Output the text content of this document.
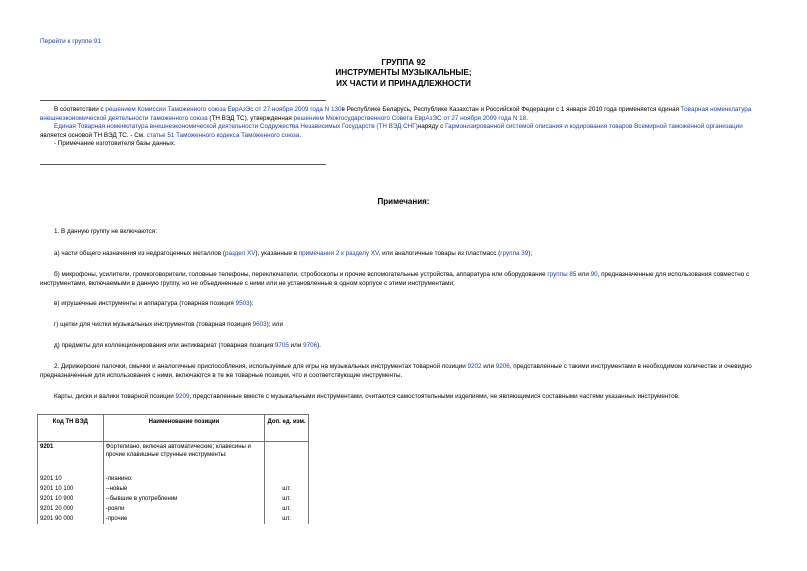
Перейти к группе 91
ГРУППА 92
ИНСТРУМЕНТЫ МУЗЫКАЛЬНЫЕ;
ИХ ЧАСТИ И ПРИНАДЛЕЖНОСТИ

В соответствии с решением Комиссии Таможенного союза ЕврАзЭс от 27 ноября 2009 года N 130в Республике Беларусь, Республике Казахстан и Российской Федерации с 1 января 2010 года применяется единая Товарная номенклатура внешнеэкономической деятельности таможенного союза (ТН ВЭД ТС), утвержденная решением Межгосударственного Совета ЕврАзЭС от 27 ноября 2009 года N 18.

Единая Товарная номенклатура внешнеэкономической деятельности Содружества Независимых Государств (ТН ВЭД СНГ)наряду с Гармонизированной системой описания и кодирования товаров Всемирной таможенной организации является основой ТН ВЭД ТС. - См. статье 51 Таможенного кодекса Таможенного союза.

- Примечание изготовителя базы данных.

Примечания:

1. В данную группу не включаются:

а) части общего назначения из недрагоценных металлов (раздел XV), указанные в примечании 2 к разделу XV, или аналогичные товары из пластмасс (группа 39);

б) микрофоны, усилители, громкоговорители, головные телефоны, переключатели, стробоскопы и прочие вспомогательные устройства, аппаратура или оборудование группы 85 или 90, предназначенные для использования совместно с инструментами, включаемыми в данную группу, но не объединенные с ними или не установленные в одном корпусе с этими инструментами;

в) игрушечные инструменты и аппаратура (товарная позиция 9503);

г) щетки для чистки музыкальных инструментов (товарная позиция 9603); или

д) предметы для коллекционирования или антиквариат (товарная позиция 9705 или 9706).

2. Дирижерские палочки, смычки и аналогичные приспособления, используемые для игры на музыкальных инструментах товарной позиции 9202 или 9206, представленные с такими инструментами в необходимом количестве и очевидно предназначенные для использования с ними, включаются в те же товарные позиции, что и соответствующие инструменты.

Карты, диски и валики товарной позиции 9209, представленные вместе с музыкальными инструментами, считаются самостоятельными изделиями, не являющимися составными частями указанных инструментов.

Код ТН ВЭД	Наименование позиции	Доп. ед. изм.
9201	Фортепиано, включая автоматические; клавесины и прочие клавишные струнные инструменты:	
9201 10	-пианино:	
9201 10 100	--новые	шт.
9201 10 900	--бывшие в употреблении	шт.
9201 20 000	-рояли	шт.
9201 90 000	-прочие	шт.
